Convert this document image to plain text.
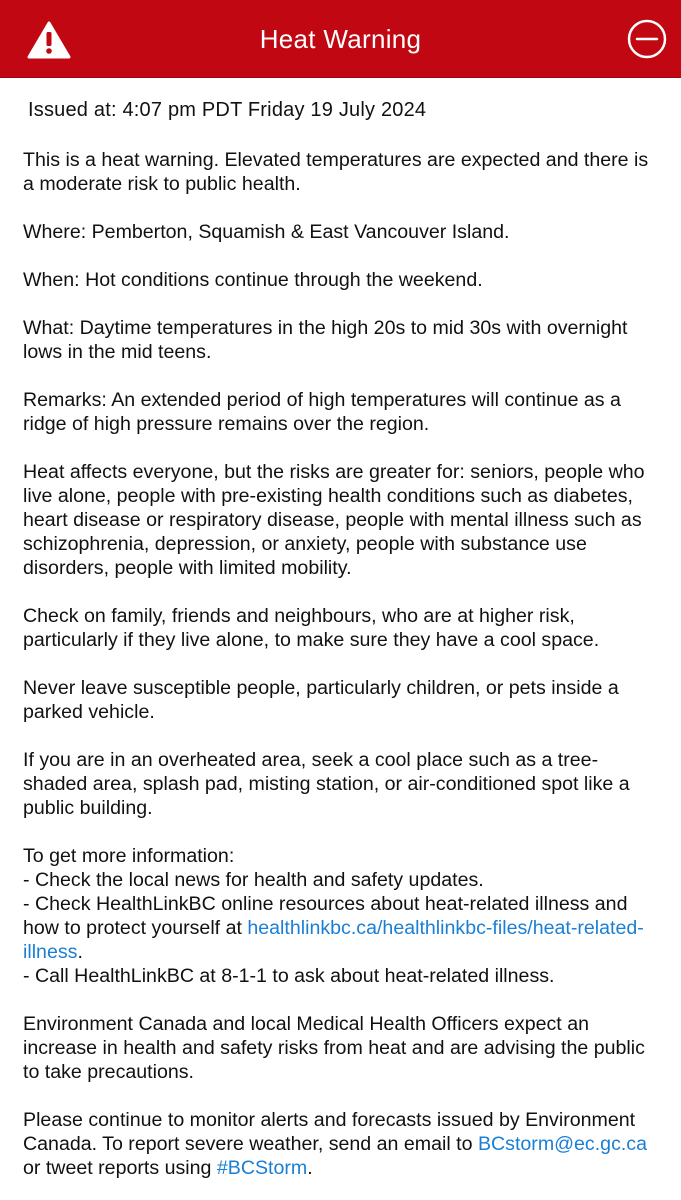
Heat Warning
Issued at: 4:07 pm PDT Friday 19 July 2024

This is a heat warning. Elevated temperatures are expected and there is a moderate risk to public health.

Where: Pemberton, Squamish & East Vancouver Island.

When: Hot conditions continue through the weekend.

What: Daytime temperatures in the high 20s to mid 30s with overnight lows in the mid teens.

Remarks: An extended period of high temperatures will continue as a ridge of high pressure remains over the region.

Heat affects everyone, but the risks are greater for: seniors, people who live alone, people with pre-existing health conditions such as diabetes, heart disease or respiratory disease, people with mental illness such as schizophrenia, depression, or anxiety, people with substance use disorders, people with limited mobility.

Check on family, friends and neighbours, who are at higher risk, particularly if they live alone, to make sure they have a cool space.

Never leave susceptible people, particularly children, or pets inside a parked vehicle.

If you are in an overheated area, seek a cool place such as a tree-shaded area, splash pad, misting station, or air-conditioned spot like a public building.

To get more information:
- Check the local news for health and safety updates.
- Check HealthLinkBC online resources about heat-related illness and how to protect yourself at healthlinkbc.ca/healthlinkbc-files/heat-related-illness.
- Call HealthLinkBC at 8-1-1 to ask about heat-related illness.

Environment Canada and local Medical Health Officers expect an increase in health and safety risks from heat and are advising the public to take precautions.

Please continue to monitor alerts and forecasts issued by Environment Canada. To report severe weather, send an email to BCstorm@ec.gc.ca or tweet reports using #BCStorm.
